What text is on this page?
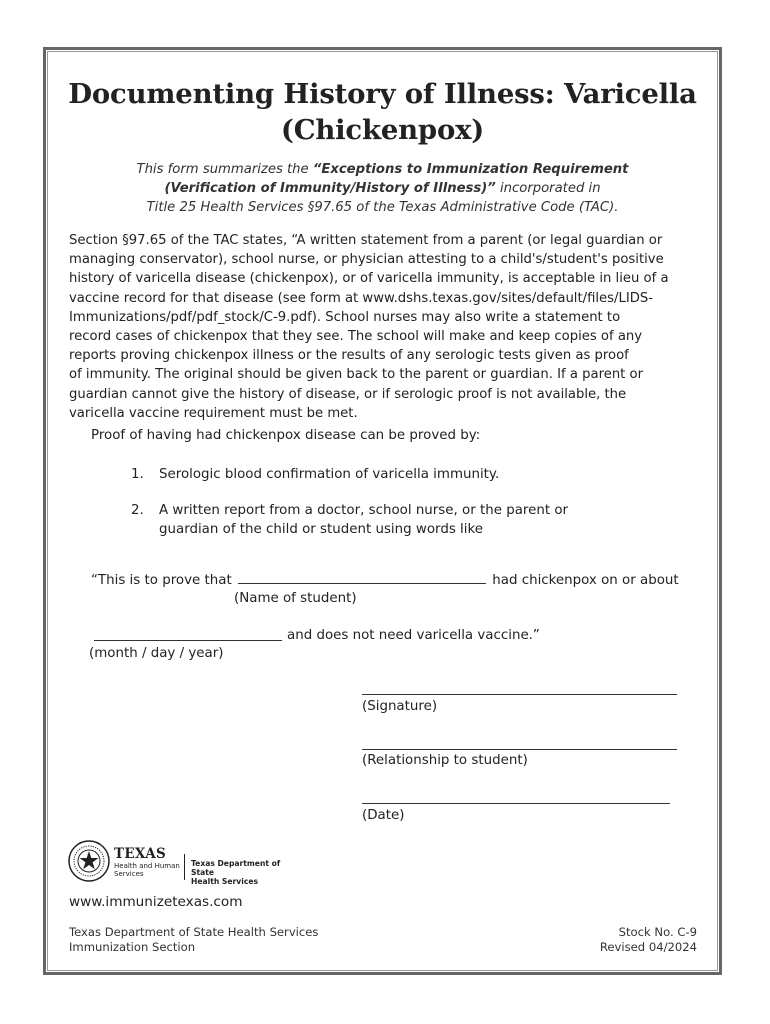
Documenting History of Illness: Varicella
(Chickenpox)
This form summarizes the “Exceptions to Immunization Requirement
(Verification of Immunity/History of Illness)” incorporated in
Title 25 Health Services §97.65 of the Texas Administrative Code (TAC).
Section §97.65 of the TAC states, “A written statement from a parent (or legal guardian or
managing conservator), school nurse, or physician attesting to a child's/student's positive
history of varicella disease (chickenpox), or of varicella immunity, is acceptable in lieu of a
vaccine record for that disease (see form at www.dshs.texas.gov/sites/default/files/LIDS-
Immunizations/pdf/pdf_stock/C-9.pdf). School nurses may also write a statement to
record cases of chickenpox that they see. The school will make and keep copies of any
reports proving chickenpox illness or the results of any serologic tests given as proof
of immunity. The original should be given back to the parent or guardian. If a parent or
guardian cannot give the history of disease, or if serologic proof is not available, the
varicella vaccine requirement must be met.
Proof of having had chickenpox disease can be proved by:
1.	Serologic blood confirmation of varicella immunity.
2.	A written report from a doctor, school nurse, or the parent or
guardian of the child or student using words like
“This is to prove that	had chickenpox on or about
(Name of student)
and does not need varicella vaccine.”
(month / day / year)
(Signature)
(Relationship to student)
(Date)
TEXAS
Health and Human
Services
Texas Department of State
Health Services
www.immunizetexas.com
Texas Department of State Health Services
Immunization Section
Stock No. C-9
Revised 04/2024
